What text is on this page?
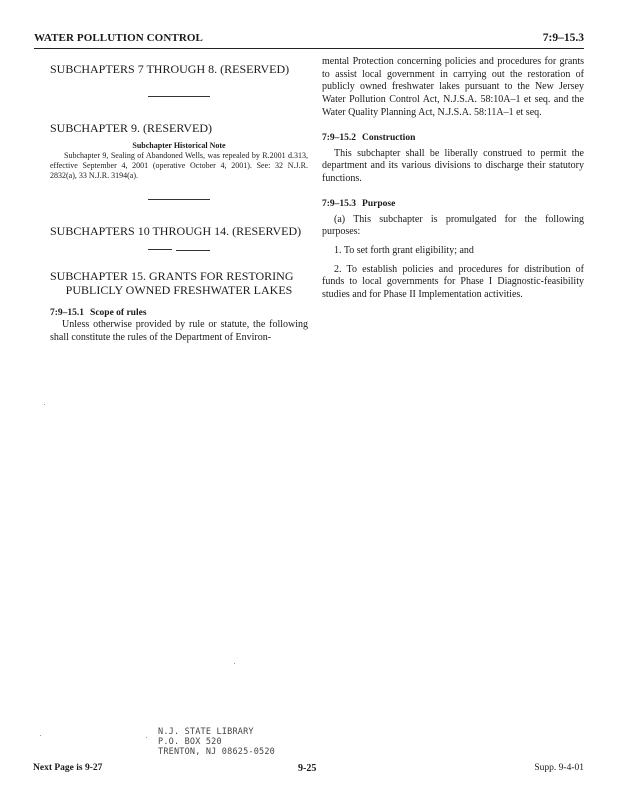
WATER POLLUTION CONTROL	7:9–15.3

SUBCHAPTERS 7 THROUGH 8. (RESERVED)

SUBCHAPTER 9. (RESERVED)

Subchapter Historical Note
Subchapter 9, Sealing of Abandoned Wells, was repealed by R.2001 d.313, effective September 4, 2001 (operative October 4, 2001). See: 32 N.J.R. 2832(a), 33 N.J.R. 3194(a).

SUBCHAPTERS 10 THROUGH 14. (RESERVED)

SUBCHAPTER 15. GRANTS FOR RESTORING

PUBLICLY OWNED FRESHWATER LAKES

7:9–15.1 Scope of rules

Unless otherwise provided by rule or statute, the following shall constitute the rules of the Department of Environ-

mental Protection concerning policies and procedures for grants to assist local government in carrying out the restoration of publicly owned freshwater lakes pursuant to the New Jersey Water Pollution Control Act, N.J.S.A. 58:10A–1 et seq. and the Water Quality Planning Act, N.J.S.A. 58:11A–1 et seq.

7:9–15.2 Construction

This subchapter shall be liberally construed to permit the department and its various divisions to discharge their statutory functions.

7:9–15.3 Purpose

(a) This subchapter is promulgated for the following purposes:

1. To set forth grant eligibility; and

2. To establish policies and procedures for distribution of funds to local governments for Phase I Diagnostic-feasibility studies and for Phase II Implementation activities.

N.J. STATE LIBRARY
P.O. BOX 520
TRENTON, NJ 08625-0520
Next Page is 9-27	9-25	Supp. 9-4-01
